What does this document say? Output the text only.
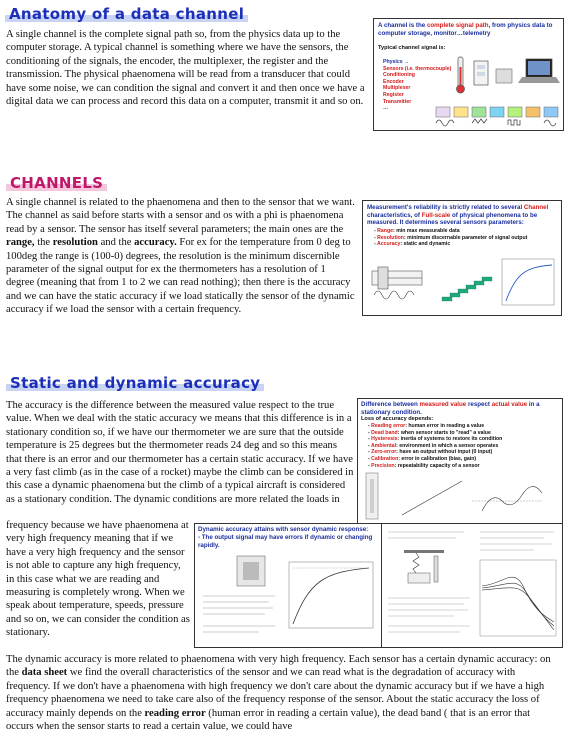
Anatomy of a data channel
A single channel is the complete signal path so, from the physics data up to the computer storage. A typical channel is something where we have the sensors, the conditioning of the signals, the encoder, the multiplexer, the register and the transmission. The physical phaenomena will be read from a transducer that could have some noise, we can condition the signal and convert it and then once we have a digital data we can process and record this data on a computer, transmit it and so on.
A channel is the complete signal path, from physics data to computer storage, monitor…telemetry
Typical channel signal is:
Physics →
Sensors (i.e. thermocouple)
Conditioning
Encoder
Multiplexer
Register
Transmitter
…
CHANNELS
A single channel is related to the phaenomena and then to the sensor that we want. The channel as said before starts with a sensor and os with a phi is phaenomena read by a sensor. The sensor has itself several parameters; the main ones are the range, the resolution and the accuracy. For ex for the temperature from 0 deg to 100deg the range is (100-0) degrees, the resolution is the minimum discernible parameter of the signal output for ex the thermometers has a resolution of 1 degree (meaning that from 1 to 2 we can read nothing); then there is the accuracy and we can have the static accuracy if we load statically the sensor of the dynamic accuracy if we load the sensor with a certain frequency.
Measurement's reliability is strictly related to several Channel characteristics, of Full-scale of physical phenomena to be measured. It determines several sensors parameters:
- Range: min max measurable data
- Resolution: minimum discernable parameter of signal output
- Accuracy: static and dynamic
Static and dynamic accuracy
The accuracy is the difference between the measured value respect to the true value. When we deal with the static accuracy we means that this difference is in a stationary condition so, if we have our thermometer we are sure that the outside temperature is 25 degrees but the thermometer reads 24 deg and so this means that there is an error and our thermometer has a certain static accuracy. If we have a very fast climb (as in the case of a rocket) maybe the climb can be considered in this case a dynamic phaenomena but the climb of a typical aircraft is considered as a stationary condition. The dynamic conditions are more related the loads in
frequency because we have phaenomena at very high frequency meaning that if we have a very high frequency and the sensor is not able to capture any high frequency, in this case what we are reading and measuring is completely wrong. When we speak about temperature, speeds, pressure and so on, we can consider the condition as stationary.
Difference between measured value respect actual value in a stationary condition.
Loss of accuracy depends:
- Reading error: human error in reading a value
- Dead band: when sensor starts to "read" a value
- Hysteresis: inertia of systems to restore its condition
- Ambiental: environment in which a sensor operates
- Zero-error: have an output without input (0 input)
- Calibration: error in calibration (bias, gain)
- Precision: repeatability capacity of a sensor
Dynamic accuracy attains with sensor dynamic response:
- The output signal may have errors if dynamic or changing rapidly.
The dynamic accuracy is more related to phaenomena with very high frequency. Each sensor has a certain dynamic accuracy: on the data sheet we find the overall characteristics of the sensor and we can read what is the degradation of accuracy with frequency. If we don't have a phaenomena with high frequency we don't care about the dynamic accuracy but if we have a high frequency phaenomena we need to take care also of the frequency response of the sensor. About the static accuracy the loss of accuracy mainly depends on the reading error (human error in reading a certain value), the dead band ( that is an error that occurs when the sensor starts to read a certain value, we could have
